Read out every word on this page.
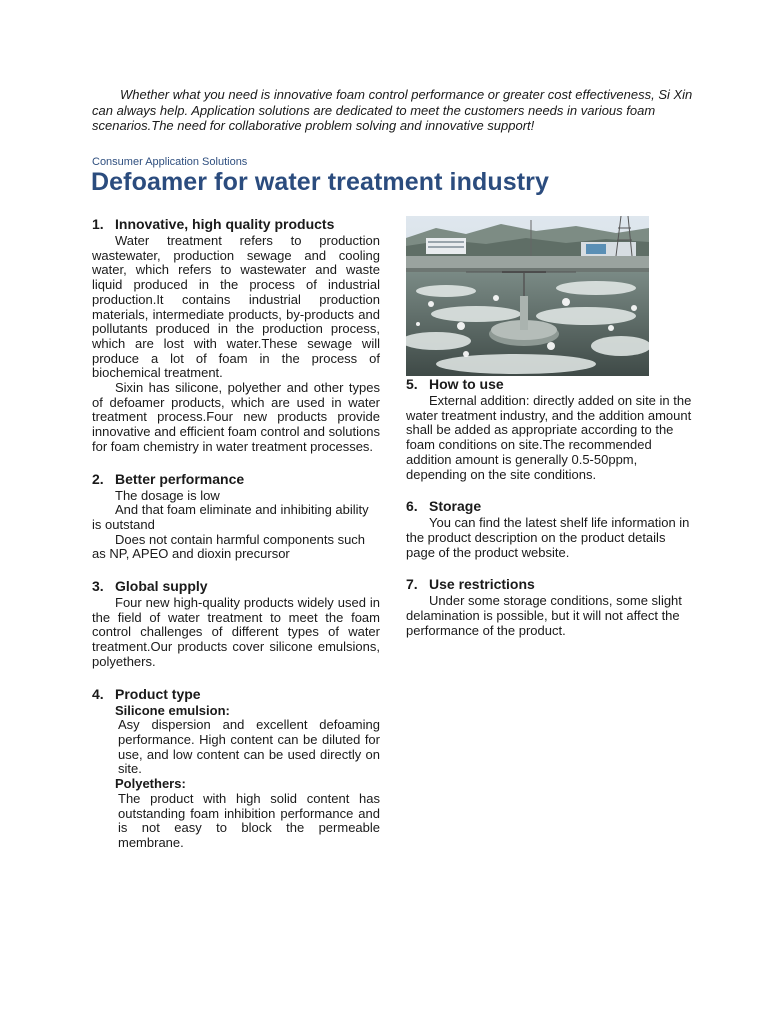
Whether what you need is innovative foam control performance or greater cost effectiveness, Si Xin can always help. Application solutions are dedicated to meet the customers needs in various foam scenarios.The need for collaborative problem solving and innovative support!

Consumer Application Solutions
Defoamer for water treatment industry
1. Innovative, high quality products

Water treatment refers to production wastewater, production sewage and cooling water, which refers to wastewater and waste liquid produced in the process of industrial production.It contains industrial production materials, intermediate products, by-products and pollutants produced in the production process, which are lost with water.These sewage will produce a lot of foam in the process of biochemical treatment.

Sixin has silicone, polyether and other types of defoamer products, which are used in water treatment process.Four new products provide innovative and efficient foam control and solutions for foam chemistry in water treatment processes.

2. Better performance

The dosage is low

And that foam eliminate and inhibiting ability is outstand

Does not contain harmful components such as NP, APEO and dioxin precursor

3. Global supply

Four new high-quality products widely used in the field of water treatment to meet the foam control challenges of different types of water treatment.Our products cover silicone emulsions, polyethers.

4. Product type

Silicone emulsion:

Asy dispersion and excellent defoaming performance. High content can be diluted for use, and low content can be used directly on site.

Polyethers:

The product with high solid content has outstanding foam inhibition performance and is not easy to block the permeable membrane.

5. How to use

External addition: directly added on site in the water treatment industry, and the addition amount shall be added as appropriate according to the foam conditions on site.The recommended addition amount is generally 0.5-50ppm, depending on the site conditions.

6. Storage

You can find the latest shelf life information in the product description on the product details page of the product website.

7. Use restrictions

Under some storage conditions, some slight delamination is possible, but it will not affect the performance of the product.
